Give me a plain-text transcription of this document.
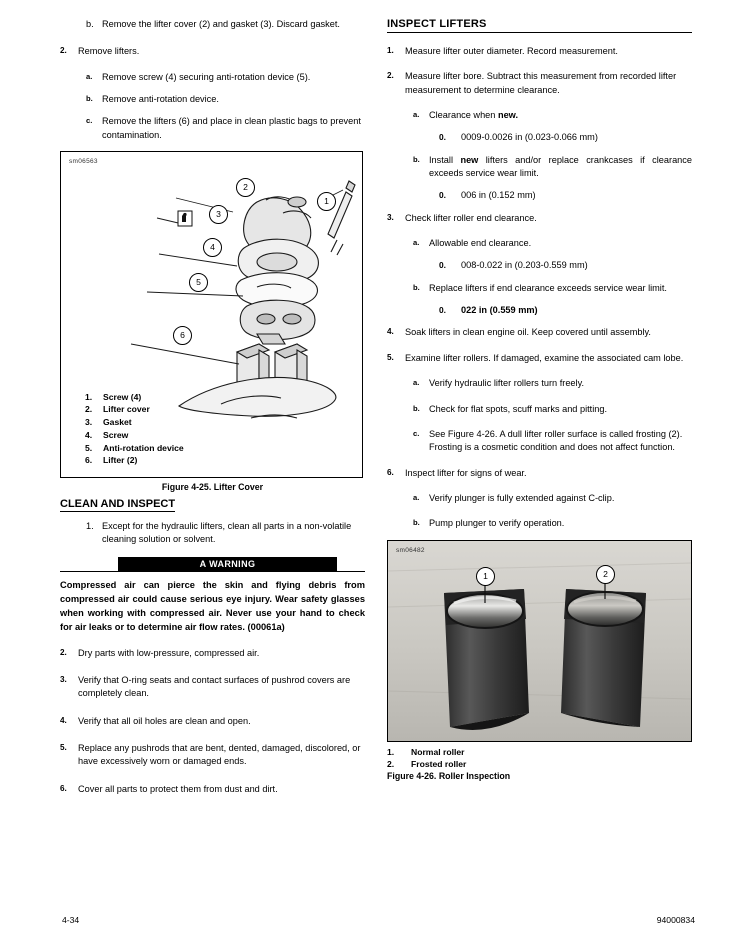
b. Remove the lifter cover (2) and gasket (3). Discard gasket.
2.	Remove lifters.
a.	Remove screw (4) securing anti-rotation device (5).
b.	Remove anti-rotation device.
c.	Remove the lifters (6) and place in clean plastic bags to prevent contamination.
sm06563
2
3
4
5
6
1
1. Screw (4)
2. Lifter cover
3. Gasket
4. Screw
5. Anti-rotation device
6. Lifter (2)
Figure 4-25. Lifter Cover
CLEAN AND INSPECT
1. Except for the hydraulic lifters, clean all parts in a non-volatile cleaning solution or solvent.
A WARNING
Compressed air can pierce the skin and flying debris from compressed air could cause serious eye injury. Wear safety glasses when working with compressed air. Never use your hand to check for air leaks or to determine air flow rates. (00061a)
2.	Dry parts with low-pressure, compressed air.
3.	Verify that O-ring seats and contact surfaces of pushrod covers are completely clean.
4.	Verify that all oil holes are clean and open.
5.	Replace any pushrods that are bent, dented, damaged, discolored, or have excessively worn or damaged ends.
6.	Cover all parts to protect them from dust and dirt.
INSPECT LIFTERS
1.	Measure lifter outer diameter. Record measurement.
2.	Measure lifter bore. Subtract this measurement from recorded lifter measurement to determine clearance.
a.	Clearance when new.
0.	0009-0.0026 in (0.023-0.066 mm)
b.	Install new lifters and/or replace crankcases if clearance exceeds service wear limit.
0.	006 in (0.152 mm)
3.	Check lifter roller end clearance.
a.	Allowable end clearance.
0.	008-0.022 in (0.203-0.559 mm)
b.	Replace lifters if end clearance exceeds service wear limit.
0.	022 in (0.559 mm)
4.	Soak lifters in clean engine oil. Keep covered until assembly.
5.	Examine lifter rollers. If damaged, examine the associated cam lobe.
a.	Verify hydraulic lifter rollers turn freely.
b.	Check for flat spots, scuff marks and pitting.
c.	See Figure 4-26. A dull lifter roller surface is called frosting (2). Frosting is a cosmetic condition and does not affect function.
6.	Inspect lifter for signs of wear.
a.	Verify plunger is fully extended against C-clip.
b.	Pump plunger to verify operation.
sm06482
1	2
1. Normal roller
2. Frosted roller
Figure 4-26. Roller Inspection
4-34	94000834
